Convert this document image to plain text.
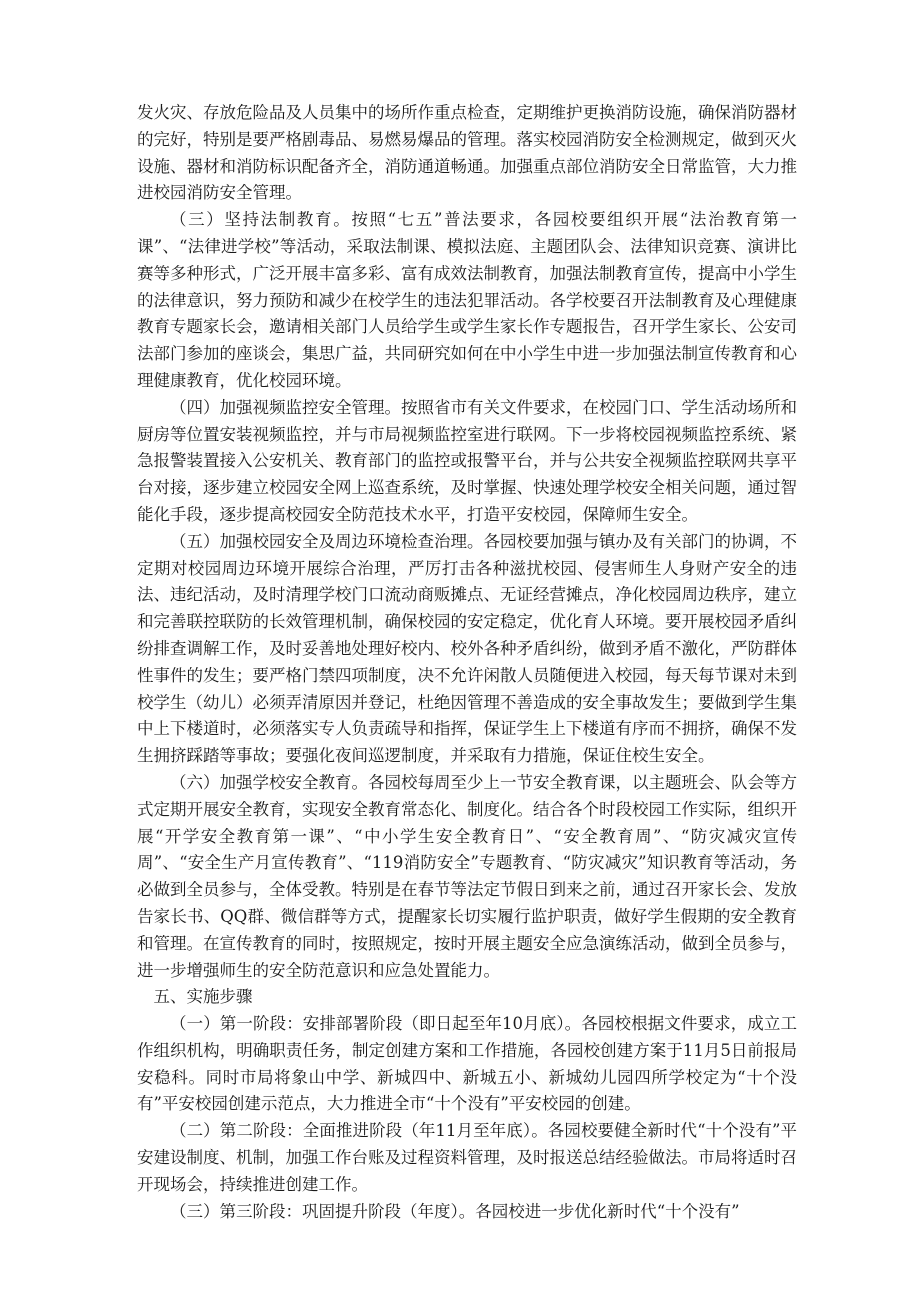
发火灾、存放危险品及人员集中的场所作重点检查，定期维护更换消防设施，确保消防器材的完好，特别是要严格剧毒品、易燃易爆品的管理。落实校园消防安全检测规定，做到灭火设施、器材和消防标识配备齐全，消防通道畅通。加强重点部位消防安全日常监管，大力推进校园消防安全管理。

（三）坚持法制教育。按照“七五”普法要求，各园校要组织开展“法治教育第一课”、“法律进学校”等活动，采取法制课、模拟法庭、主题团队会、法律知识竞赛、演讲比赛等多种形式，广泛开展丰富多彩、富有成效法制教育，加强法制教育宣传，提高中小学生的法律意识，努力预防和减少在校学生的违法犯罪活动。各学校要召开法制教育及心理健康教育专题家长会，邀请相关部门人员给学生或学生家长作专题报告，召开学生家长、公安司法部门参加的座谈会，集思广益，共同研究如何在中小学生中进一步加强法制宣传教育和心理健康教育，优化校园环境。

（四）加强视频监控安全管理。按照省市有关文件要求，在校园门口、学生活动场所和厨房等位置安装视频监控，并与市局视频监控室进行联网。下一步将校园视频监控系统、紧急报警装置接入公安机关、教育部门的监控或报警平台，并与公共安全视频监控联网共享平台对接，逐步建立校园安全网上巡查系统，及时掌握、快速处理学校安全相关问题，通过智能化手段，逐步提高校园安全防范技术水平，打造平安校园，保障师生安全。

（五）加强校园安全及周边环境检查治理。各园校要加强与镇办及有关部门的协调，不定期对校园周边环境开展综合治理，严厉打击各种滋扰校园、侵害师生人身财产安全的违法、违纪活动，及时清理学校门口流动商贩摊点、无证经营摊点，净化校园周边秩序，建立和完善联控联防的长效管理机制，确保校园的安定稳定，优化育人环境。要开展校园矛盾纠纷排查调解工作，及时妥善地处理好校内、校外各种矛盾纠纷，做到矛盾不激化，严防群体性事件的发生；要严格门禁四项制度，决不允许闲散人员随便进入校园，每天每节课对未到校学生（幼儿）必须弄清原因并登记，杜绝因管理不善造成的安全事故发生；要做到学生集中上下楼道时，必须落实专人负责疏导和指挥，保证学生上下楼道有序而不拥挤，确保不发生拥挤踩踏等事故；要强化夜间巡逻制度，并采取有力措施，保证住校生安全。

（六）加强学校安全教育。各园校每周至少上一节安全教育课，以主题班会、队会等方式定期开展安全教育，实现安全教育常态化、制度化。结合各个时段校园工作实际，组织开展“开学安全教育第一课”、“中小学生安全教育日”、“安全教育周”、“防灾减灾宣传周”、“安全生产月宣传教育”、“119消防安全”专题教育、“防灾减灾”知识教育等活动，务必做到全员参与，全体受教。特别是在春节等法定节假日到来之前，通过召开家长会、发放告家长书、QQ群、微信群等方式，提醒家长切实履行监护职责，做好学生假期的安全教育和管理。在宣传教育的同时，按照规定，按时开展主题安全应急演练活动，做到全员参与，进一步增强师生的安全防范意识和应急处置能力。

五、实施步骤

（一）第一阶段：安排部署阶段（即日起至年10月底）。各园校根据文件要求，成立工作组织机构，明确职责任务，制定创建方案和工作措施，各园校创建方案于11月5日前报局安稳科。同时市局将象山中学、新城四中、新城五小、新城幼儿园四所学校定为“十个没有”平安校园创建示范点，大力推进全市“十个没有”平安校园的创建。

（二）第二阶段：全面推进阶段（年11月至年底）。各园校要健全新时代“十个没有”平安建设制度、机制，加强工作台账及过程资料管理，及时报送总结经验做法。市局将适时召开现场会，持续推进创建工作。

（三）第三阶段：巩固提升阶段（年度）。各园校进一步优化新时代“十个没有”
